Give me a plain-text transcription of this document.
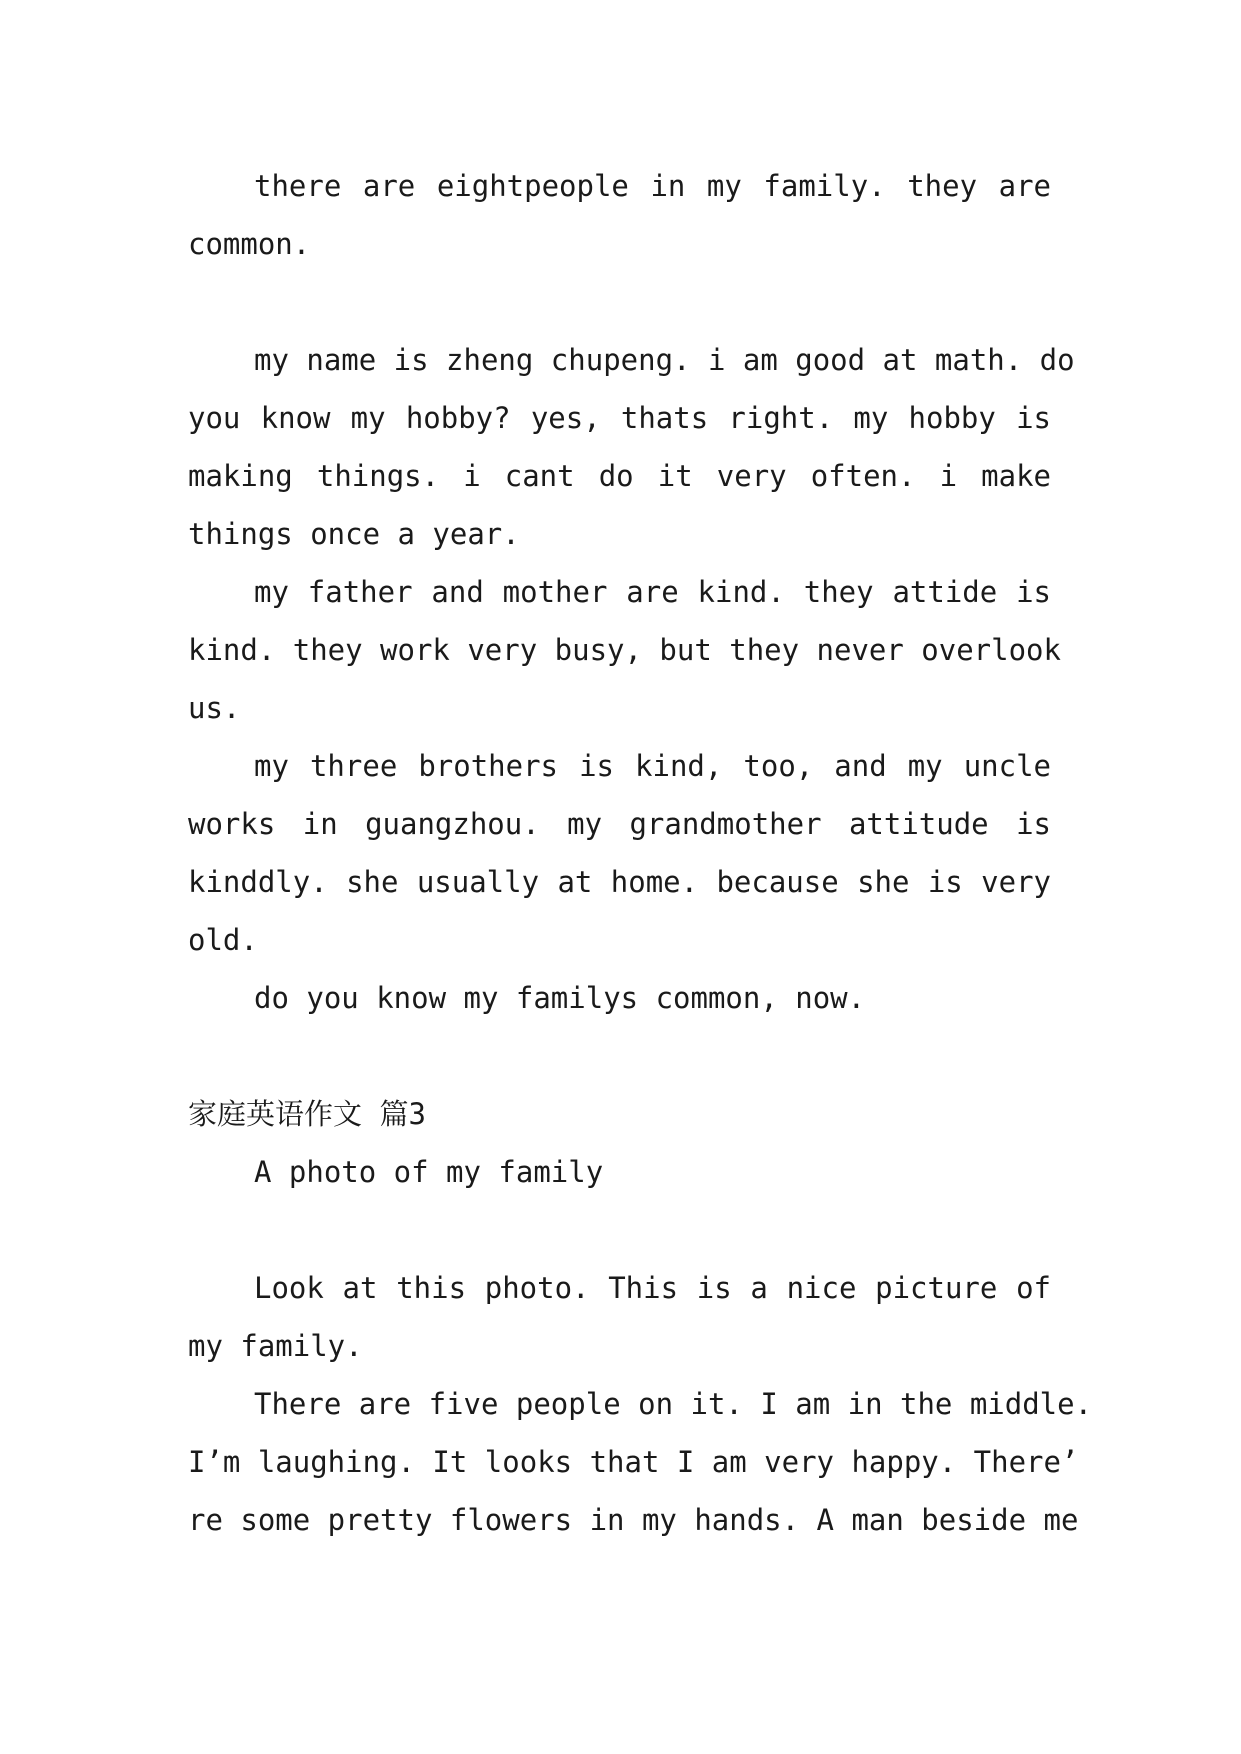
there are eightpeople in my family. they are
common.
my name is zheng chupeng. i am good at math. do
you know my hobby? yes, thats right. my hobby is
making things. i cant do it very often. i make
things once a year.
my father and mother are kind. they attide is
kind. they work very busy, but they never overlook
us.
my three brothers is kind, too, and my uncle
works in guangzhou. my grandmother attitude is
kinddly. she usually at home. because she is very
old.
do you know my familys common, now.
家庭英语作文 篇3
A photo of my family
Look at this photo. This is a nice picture of
my family.
There are five people on it. I am in the middle.
I’m laughing. It looks that I am very happy. There’
re some pretty flowers in my hands. A man beside me
